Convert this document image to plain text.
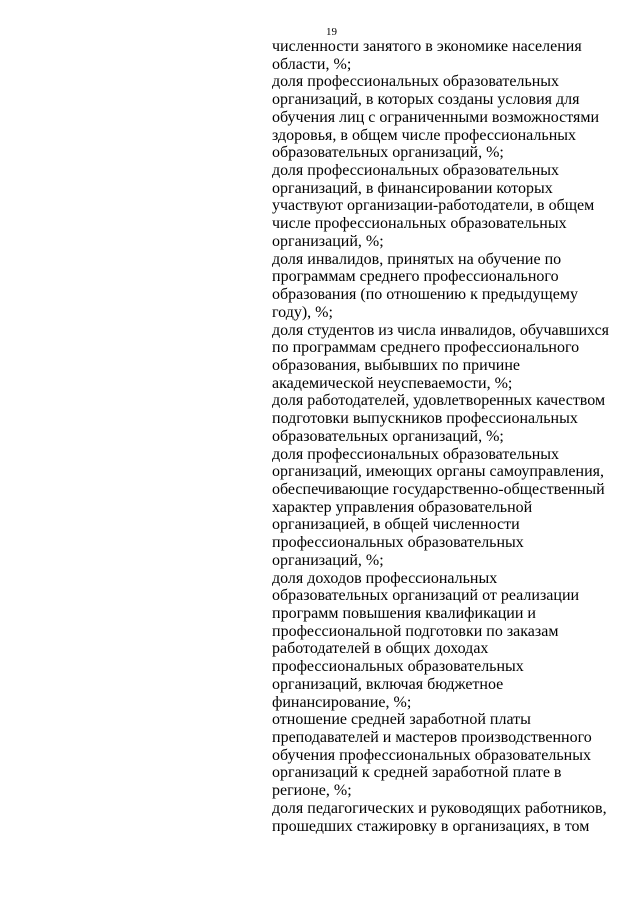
19
численности занятого в экономике населения
области, %;
доля профессиональных образовательных
организаций, в которых созданы условия для
обучения лиц с ограниченными возможностями
здоровья, в общем числе профессиональных
образовательных организаций, %;
доля профессиональных образовательных
организаций, в финансировании которых
участвуют организации-работодатели, в общем
числе профессиональных образовательных
организаций, %;
доля инвалидов, принятых на обучение по
программам среднего профессионального
образования (по отношению к предыдущему
году), %;
доля студентов из числа инвалидов, обучавшихся
по программам среднего профессионального
образования, выбывших по причине
академической неуспеваемости, %;
доля работодателей, удовлетворенных качеством
подготовки выпускников профессиональных
образовательных организаций, %;
доля профессиональных образовательных
организаций, имеющих органы самоуправления,
обеспечивающие государственно-общественный
характер управления образовательной
организацией, в общей численности
профессиональных образовательных
организаций, %;
доля доходов профессиональных
образовательных организаций от реализации
программ повышения квалификации и
профессиональной подготовки по заказам
работодателей в общих доходах
профессиональных образовательных
организаций, включая бюджетное
финансирование, %;
отношение средней заработной платы
преподавателей и мастеров производственного
обучения профессиональных образовательных
организаций к средней заработной плате в
регионе, %;
доля педагогических и руководящих работников,
прошедших стажировку в организациях, в том
